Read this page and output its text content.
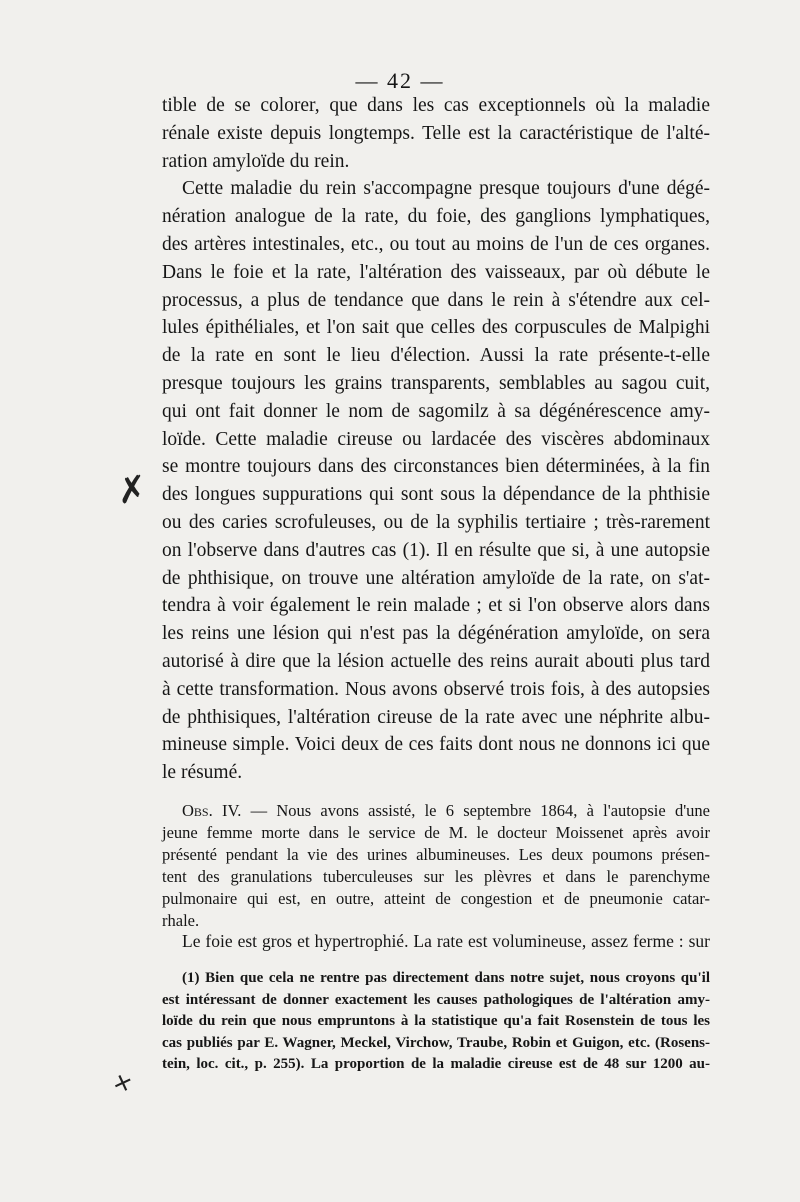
— 42 —
tible de se colorer, que dans les cas exceptionnels où la maladie
rénale existe depuis longtemps. Telle est la caractéristique de l'alté-
ration amyloïde du rein.
Cette maladie du rein s'accompagne presque toujours d'une dégé-
nération analogue de la rate, du foie, des ganglions lymphatiques,
des artères intestinales, etc., ou tout au moins de l'un de ces organes.
Dans le foie et la rate, l'altération des vaisseaux, par où débute le
processus, a plus de tendance que dans le rein à s'étendre aux cel-
lules épithéliales, et l'on sait que celles des corpuscules de Malpighi
de la rate en sont le lieu d'élection. Aussi la rate présente-t-elle
presque toujours les grains transparents, semblables au sagou cuit,
qui ont fait donner le nom de sagomilz à sa dégénérescence amy-
loïde. Cette maladie cireuse ou lardacée des viscères abdominaux
se montre toujours dans des circonstances bien déterminées, à la fin
des longues suppurations qui sont sous la dépendance de la phthisie
ou des caries scrofuleuses, ou de la syphilis tertiaire ; très-rarement
on l'observe dans d'autres cas (1). Il en résulte que si, à une autopsie
de phthisique, on trouve une altération amyloïde de la rate, on s'at-
tendra à voir également le rein malade ; et si l'on observe alors dans
les reins une lésion qui n'est pas la dégénération amyloïde, on sera
autorisé à dire que la lésion actuelle des reins aurait abouti plus tard
à cette transformation. Nous avons observé trois fois, à des autopsies
de phthisiques, l'altération cireuse de la rate avec une néphrite albu-
mineuse simple. Voici deux de ces faits dont nous ne donnons ici que
le résumé.
Obs. IV. — Nous avons assisté, le 6 septembre 1864, à l'autopsie d'une
jeune femme morte dans le service de M. le docteur Moissenet après avoir
présenté pendant la vie des urines albumineuses. Les deux poumons présen-
tent des granulations tuberculeuses sur les plèvres et dans le parenchyme
pulmonaire qui est, en outre, atteint de congestion et de pneumonie catar-
rhale.
Le foie est gros et hypertrophié. La rate est volumineuse, assez ferme : sur
(1) Bien que cela ne rentre pas directement dans notre sujet, nous croyons qu'il
est intéressant de donner exactement les causes pathologiques de l'altération amy-
loïde du rein que nous empruntons à la statistique qu'a fait Rosenstein de tous les
cas publiés par E. Wagner, Meckel, Virchow, Traube, Robin et Guigon, etc. (Rosens-
tein, loc. cit., p. 255). La proportion de la maladie cireuse est de 48 sur 1200 au-
✗
+
